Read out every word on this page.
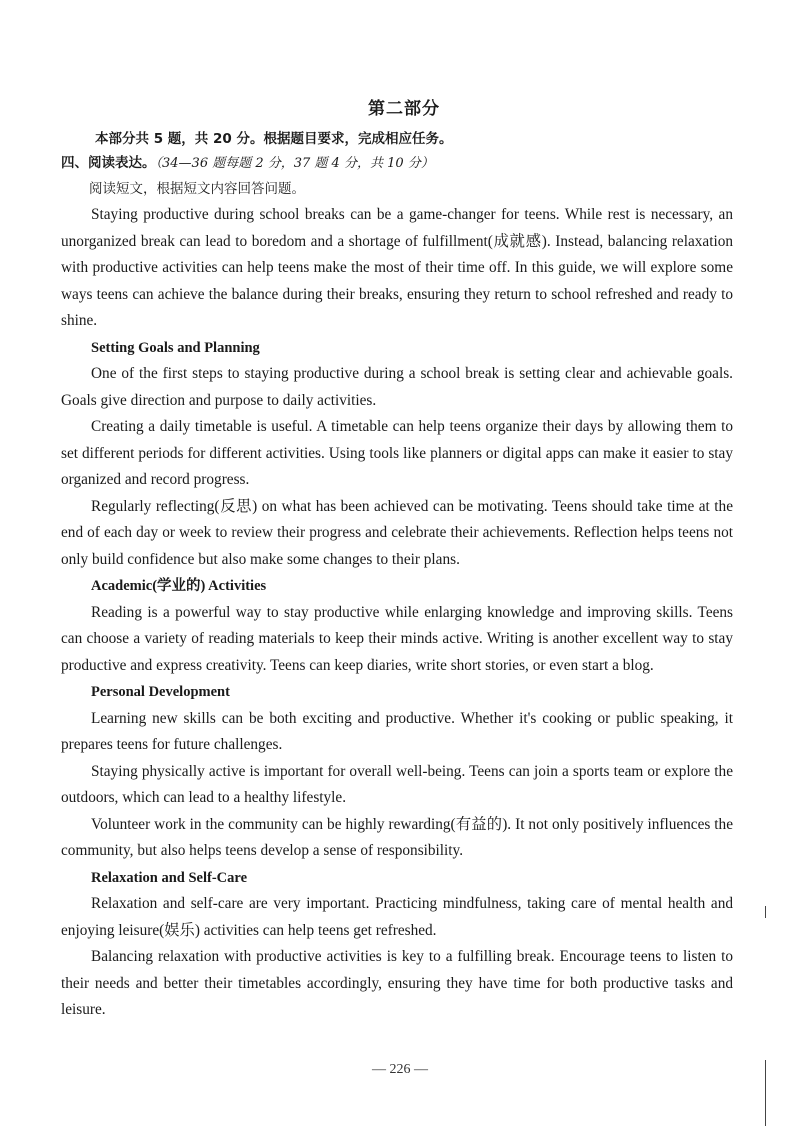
第二部分

本部分共 5 题，共 20 分。根据题目要求，完成相应任务。

四、阅读表达。（34—36 题每题 2 分，37 题 4 分，共 10 分）

阅读短文，根据短文内容回答问题。

Staying productive during school breaks can be a game-changer for teens. While rest is necessary, an unorganized break can lead to boredom and a shortage of fulfillment(成就感). Instead, balancing relaxation with productive activities can help teens make the most of their time off. In this guide, we will explore some ways teens can achieve the balance during their breaks, ensuring they return to school refreshed and ready to shine.

Setting Goals and Planning

One of the first steps to staying productive during a school break is setting clear and achievable goals. Goals give direction and purpose to daily activities.

Creating a daily timetable is useful. A timetable can help teens organize their days by allowing them to set different periods for different activities. Using tools like planners or digital apps can make it easier to stay organized and record progress.

Regularly reflecting(反思) on what has been achieved can be motivating. Teens should take time at the end of each day or week to review their progress and celebrate their achievements. Reflection helps teens not only build confidence but also make some changes to their plans.

Academic(学业的) Activities

Reading is a powerful way to stay productive while enlarging knowledge and improving skills. Teens can choose a variety of reading materials to keep their minds active. Writing is another excellent way to stay productive and express creativity. Teens can keep diaries, write short stories, or even start a blog.

Personal Development

Learning new skills can be both exciting and productive. Whether it's cooking or public speaking, it prepares teens for future challenges.

Staying physically active is important for overall well-being. Teens can join a sports team or explore the outdoors, which can lead to a healthy lifestyle.

Volunteer work in the community can be highly rewarding(有益的). It not only positively influences the community, but also helps teens develop a sense of responsibility.

Relaxation and Self-Care

Relaxation and self-care are very important. Practicing mindfulness, taking care of mental health and enjoying leisure(娱乐) activities can help teens get refreshed.

Balancing relaxation with productive activities is key to a fulfilling break. Encourage teens to listen to their needs and better their timetables accordingly, ensuring they have time for both productive tasks and leisure.

— 226 —
